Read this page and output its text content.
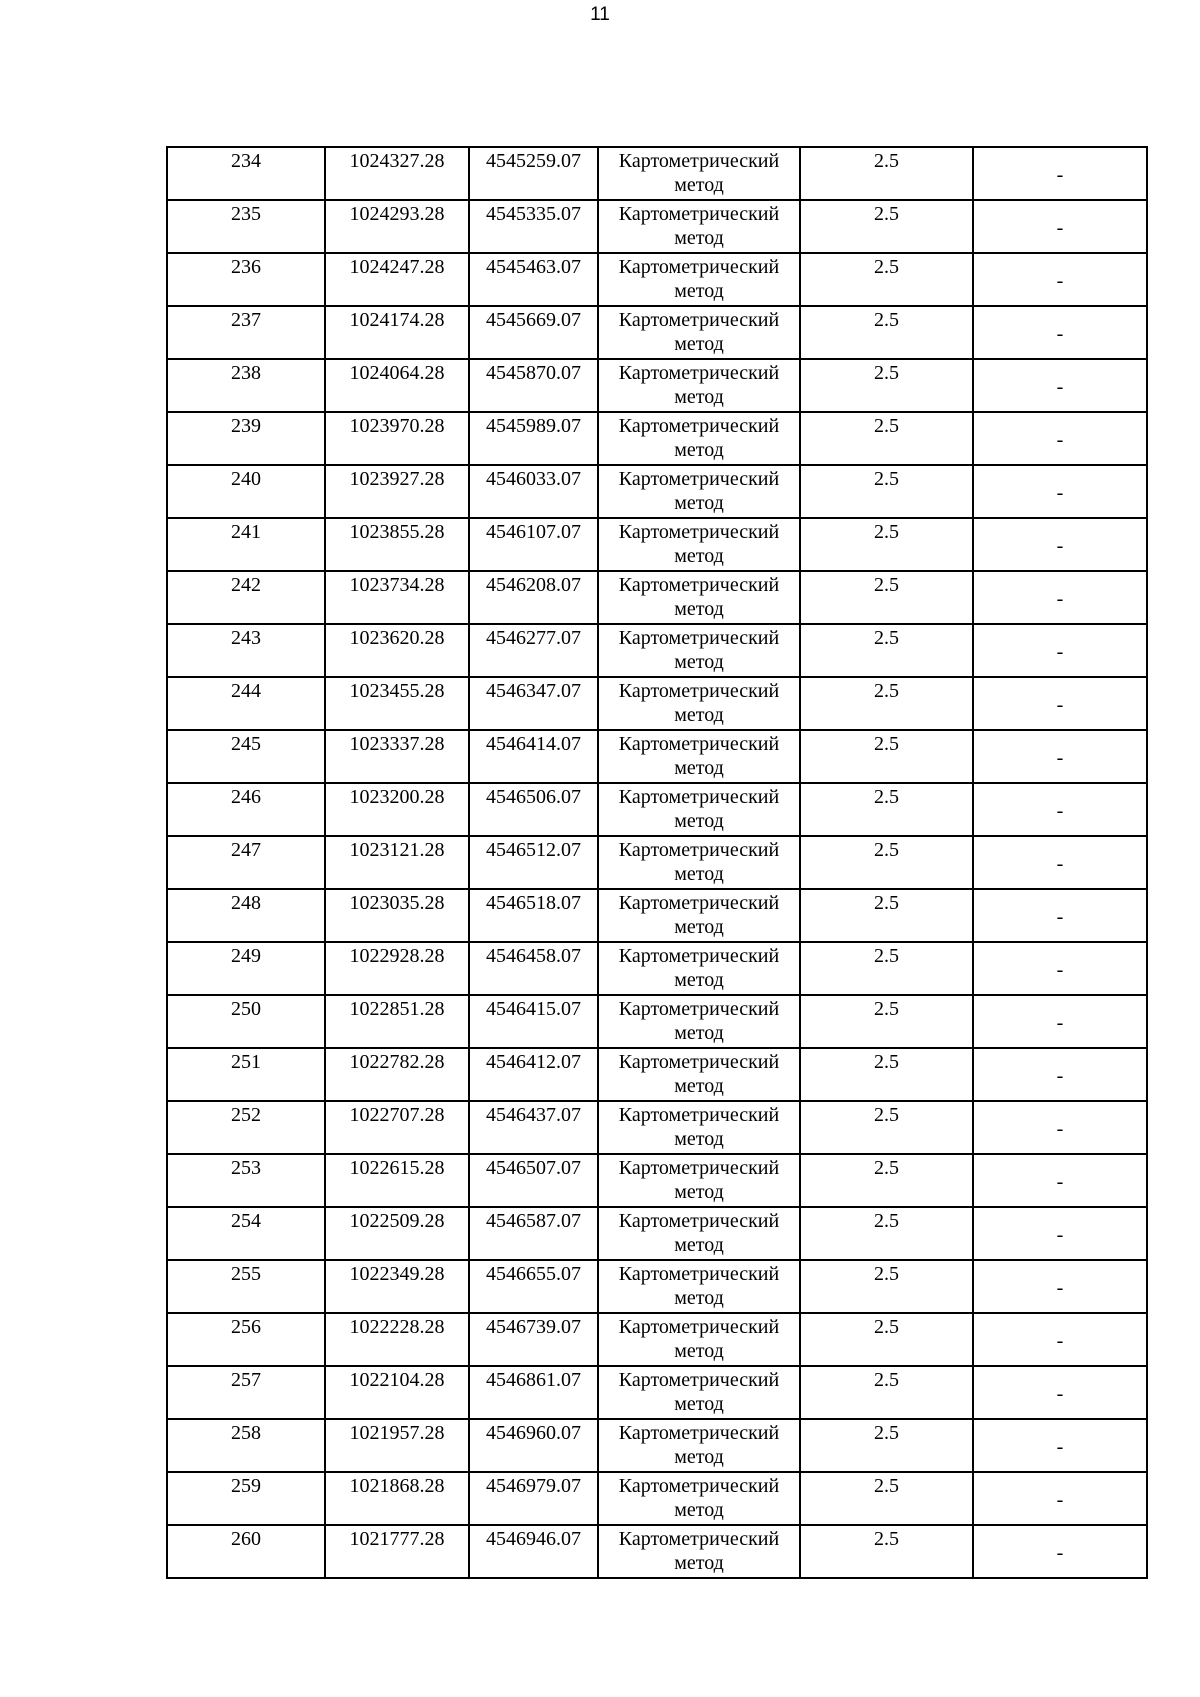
11
234	1024327.28	4545259.07	Картометрический метод	2.5	-
235	1024293.28	4545335.07	Картометрический метод	2.5	-
236	1024247.28	4545463.07	Картометрический метод	2.5	-
237	1024174.28	4545669.07	Картометрический метод	2.5	-
238	1024064.28	4545870.07	Картометрический метод	2.5	-
239	1023970.28	4545989.07	Картометрический метод	2.5	-
240	1023927.28	4546033.07	Картометрический метод	2.5	-
241	1023855.28	4546107.07	Картометрический метод	2.5	-
242	1023734.28	4546208.07	Картометрический метод	2.5	-
243	1023620.28	4546277.07	Картометрический метод	2.5	-
244	1023455.28	4546347.07	Картометрический метод	2.5	-
245	1023337.28	4546414.07	Картометрический метод	2.5	-
246	1023200.28	4546506.07	Картометрический метод	2.5	-
247	1023121.28	4546512.07	Картометрический метод	2.5	-
248	1023035.28	4546518.07	Картометрический метод	2.5	-
249	1022928.28	4546458.07	Картометрический метод	2.5	-
250	1022851.28	4546415.07	Картометрический метод	2.5	-
251	1022782.28	4546412.07	Картометрический метод	2.5	-
252	1022707.28	4546437.07	Картометрический метод	2.5	-
253	1022615.28	4546507.07	Картометрический метод	2.5	-
254	1022509.28	4546587.07	Картометрический метод	2.5	-
255	1022349.28	4546655.07	Картометрический метод	2.5	-
256	1022228.28	4546739.07	Картометрический метод	2.5	-
257	1022104.28	4546861.07	Картометрический метод	2.5	-
258	1021957.28	4546960.07	Картометрический метод	2.5	-
259	1021868.28	4546979.07	Картометрический метод	2.5	-
260	1021777.28	4546946.07	Картометрический метод	2.5	-
